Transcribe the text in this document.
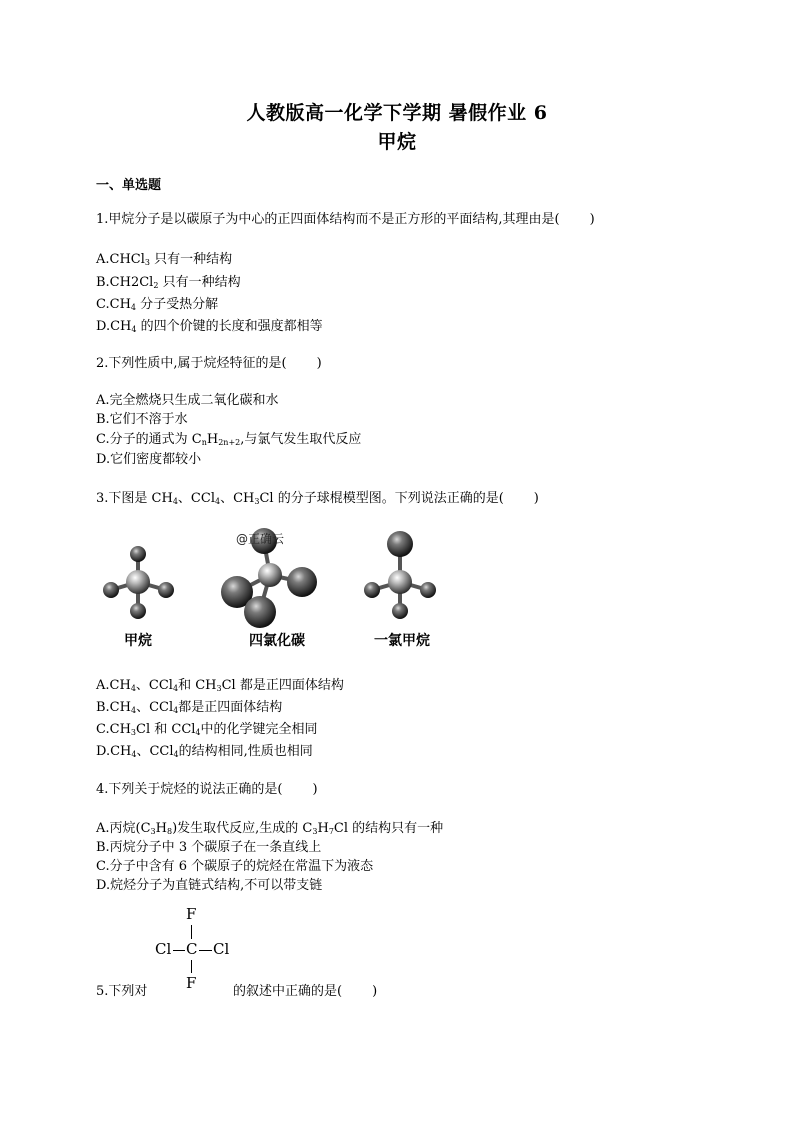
人教版高一化学下学期 暑假作业 6
甲烷
一、单选题
1.甲烷分子是以碳原子为中心的正四面体结构而不是正方形的平面结构,其理由是( )
A.CHCl$_3$ 只有一种结构
$B.CH2Cl_2$ 只有一种结构
$C.CH_4$ 分子受热分解
$D.CH_4$ 的四个价键的长度和强度都相等
2.下列性质中,属于烷烃特征的是( )
A.完全燃烧只生成二氧化碳和水
B.它们不溶于水
C.分子的通式为 $C_nH_{2n+2}$,与氯气发生取代反应
D.它们密度都较小
3.下图是 $CH_4$、CCl$_4$、$CH_3Cl$ 的分子球棍模型图。下列说法正确的是( )
@正确云
甲烷	四氯化碳	一氯甲烷
$A.CH_4$、CCl$_4$和 $CH_3Cl$ 都是正四面体结构
$B.CH_4$、CCl$_4$都是正四面体结构
$C.CH_3Cl$ 和 CCl$_4$中的化学键完全相同
$D.CH_4$、CCl$_4$的结构相同,性质也相同
4.下列关于烷烃的说法正确的是( )
A.丙烷$(C_3H_8)$发生取代反应,生成的 $C_3H_7Cl$ 的结构只有一种
B.丙烷分子中 3 个碳原子在一条直线上
C.分子中含有 6 个碳原子的烷烃在常温下为液态
D.烷烃分子为直链式结构,不可以带支链
F
Cl C Cl
F
5.下列对	的叙述中正确的是( )
